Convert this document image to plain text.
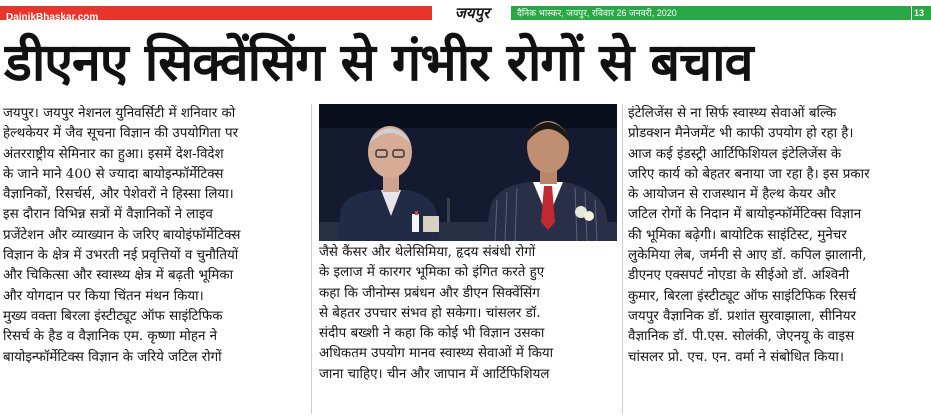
DainikBhaskar.com	जयपुर	दैनिक भास्कर, जयपुर, रविवार 26 जनवरी, 2020	13
डीएनए सिक्वेंसिंग से गंभीर रोगों से बचाव

जयपुर। जयपुर नेशनल युनिवर्सिटी में शनिवार को

हेल्थकेयर में जैव सूचना विज्ञान की उपयोगिता पर

अंतरराष्ट्रीय सेमिनार का हुआ। इसमें देश-विदेश

के जाने माने 400 से ज्यादा बायोइन्फॉर्मेटिक्स

वैज्ञानिकों, रिसर्चर्स, और पेशेवरों ने हिस्सा लिया।

इस दौरान विभिन्न सत्रों में वैज्ञानिकों ने लाइव

प्रजेंटेशन और व्याख्यान के जरिए बायोइंफॉर्मेटिक्स

विज्ञान के क्षेत्र में उभरती नई प्रवृत्तियों व चुनौतियों

और चिकित्सा और स्वास्थ्य क्षेत्र में बढ़ती भूमिका

और योगदान पर किया चिंतन मंथन किया।

मुख्य वक्ता बिरला इंस्टीट्यूट ऑफ साइंटिफिक

रिसर्च के हैड व वैज्ञानिक एम. कृष्णा मोहन ने

बायोइन्फॉर्मेटिक्स विज्ञान के जरिये जटिल रोगों

जैसे कैंसर और थेलेसिमिया, हृदय संबंधी रोगों

के इलाज में कारगर भूमिका को इंगित करते हुए

कहा कि जीनोम्स प्रबंधन और डीएन सिक्वेंसिंग

से बेहतर उपचार संभव हो सकेगा। चांसलर डॉ.

संदीप बख्शी ने कहा कि कोई भी विज्ञान उसका

अधिकतम उपयोग मानव स्वास्थ्य सेवाओं में किया

जाना चाहिए। चीन और जापान में आर्टिफिशियल

इंटेलिजेंस से ना सिर्फ स्वास्थ्य सेवाओं बल्कि

प्रोडक्शन मैनेजमेंट भी काफी उपयोग हो रहा है।

आज कई इंडस्ट्री आर्टिफिशियल इंटेलिजेंस के

जरिए कार्य को बेहतर बनाया जा रहा है। इस प्रकार

के आयोजन से राजस्थान में हैल्थ केयर और

जटिल रोगों के निदान में बायोइन्फॉर्मेटिक्स विज्ञान

की भूमिका बढ़ेगी। बायोटिक साइंटिस्ट, मुनेचर

लुकेमिया लेब, जर्मनी से आए डॉ. कपिल झालानी,

डीएनए एक्सपर्ट नोएडा के सीईओ डॉ. अश्विनी

कुमार, बिरला इंस्टीट्यूट ऑफ साइंटिफिक रिसर्च

जयपुर वैज्ञानिक डॉ. प्रशांत सुरवाझाला, सीनियर

वैज्ञानिक डॉ. पी.एस. सोलंकी, जेएनयू के वाइस

चांसलर प्रो. एच. एन. वर्मा ने संबोधित किया।
